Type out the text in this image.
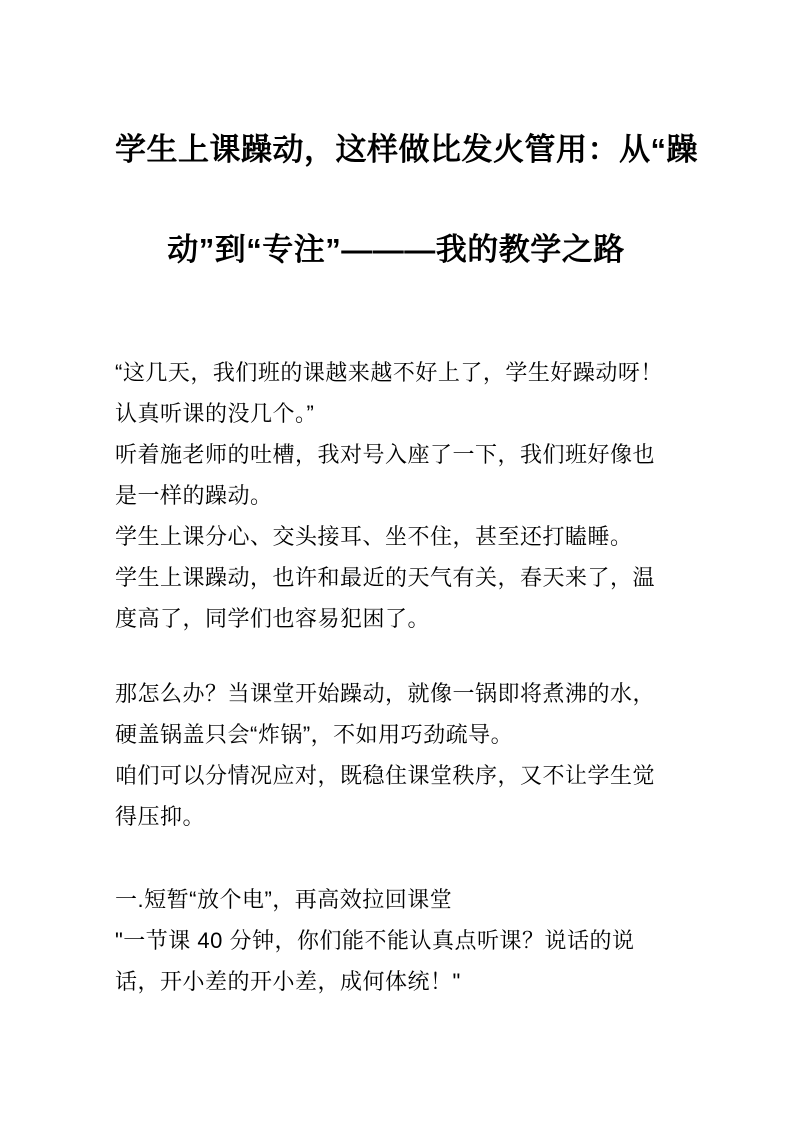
学生上课躁动，这样做比发火管用：从“躁
动”到“专注”———我的教学之路

“这几天，我们班的课越来越不好上了，学生好躁动呀！认真听课的没几个。”

听着施老师的吐槽，我对号入座了一下，我们班好像也是一样的躁动。

学生上课分心、交头接耳、坐不住，甚至还打瞌睡。

学生上课躁动，也许和最近的天气有关，春天来了，温度高了，同学们也容易犯困了。

那怎么办？当课堂开始躁动，就像一锅即将煮沸的水，硬盖锅盖只会“炸锅”，不如用巧劲疏导。

咱们可以分情况应对，既稳住课堂秩序，又不让学生觉得压抑。

一.短暂“放个电”，再高效拉回课堂

"一节课 40 分钟，你们能不能认真点听课？说话的说话，开小差的开小差，成何体统！"
